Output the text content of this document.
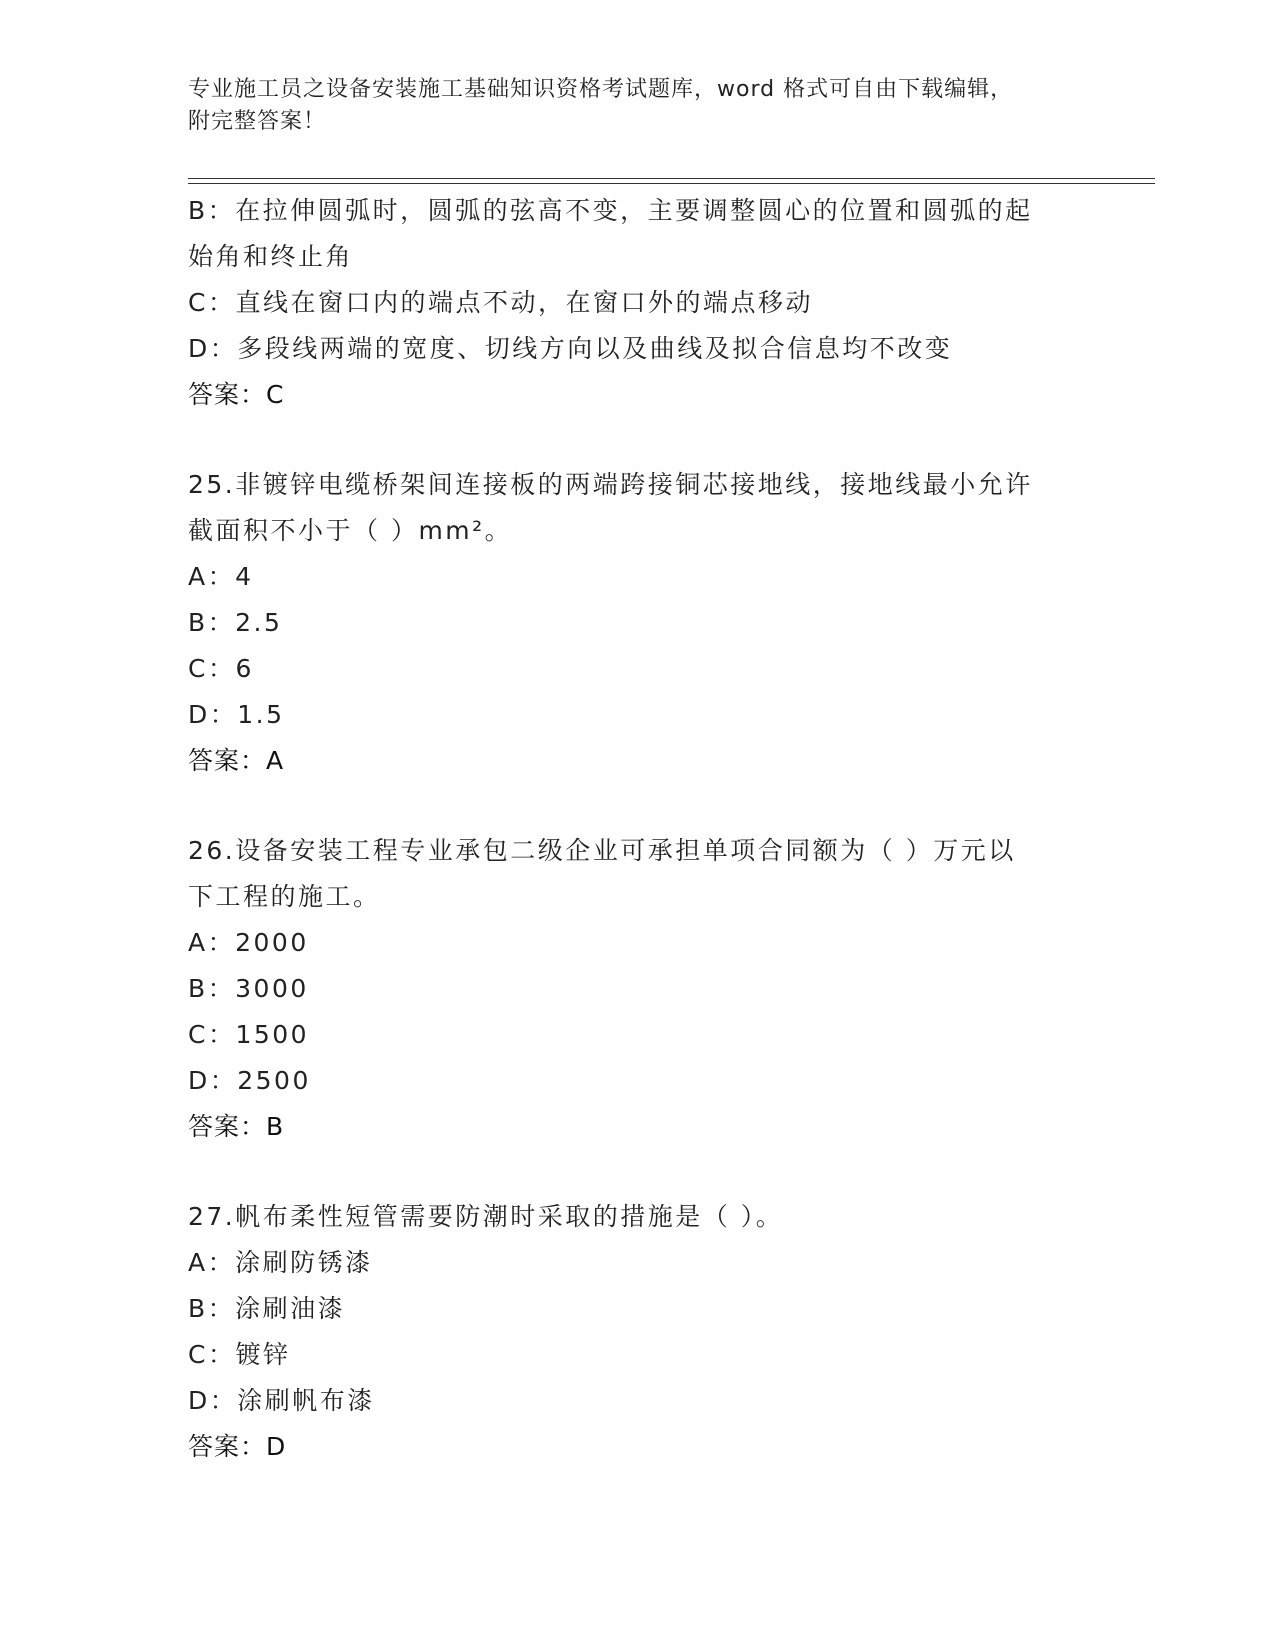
专业施工员之设备安装施工基础知识资格考试题库，word 格式可自由下载编辑，
附完整答案！
B：在拉伸圆弧时，圆弧的弦高不变，主要调整圆心的位置和圆弧的起
始角和终止角
C：直线在窗口内的端点不动，在窗口外的端点移动
D：多段线两端的宽度、切线方向以及曲线及拟合信息均不改变
答案：C
25.非镀锌电缆桥架间连接板的两端跨接铜芯接地线，接地线最小允许
截面积不小于（ ）mm²。
A：4
B：2.5
C：6
D：1.5
答案：A
26.设备安装工程专业承包二级企业可承担单项合同额为（ ）万元以
下工程的施工。
A：2000
B：3000
C：1500
D：2500
答案：B
27.帆布柔性短管需要防潮时采取的措施是（ ）。
A：涂刷防锈漆
B：涂刷油漆
C：镀锌
D：涂刷帆布漆
答案：D
